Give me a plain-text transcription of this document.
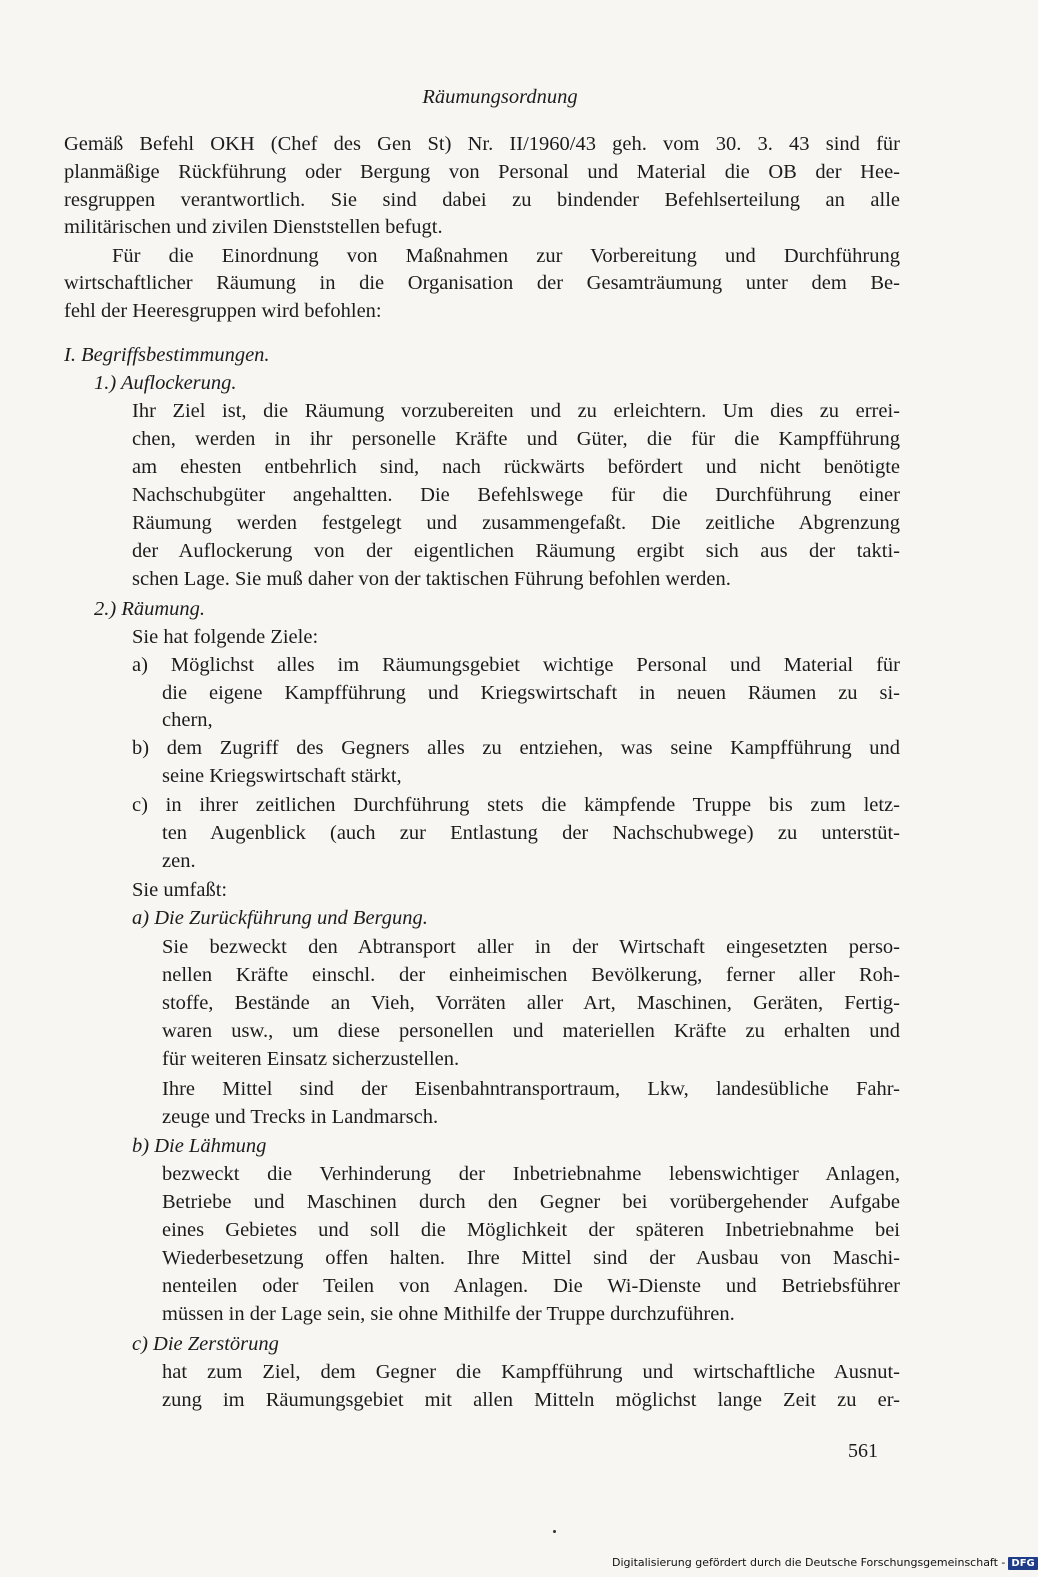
Räumungsordnung
Gemäß Befehl OKH (Chef des Gen St) Nr. II/1960/43 geh. vom 30. 3. 43 sind für
planmäßige Rückführung oder Bergung von Personal und Material die OB der Hee-
resgruppen verantwortlich. Sie sind dabei zu bindender Befehlserteilung an alle
militärischen und zivilen Dienststellen befugt.
Für die Einordnung von Maßnahmen zur Vorbereitung und Durchführung
wirtschaftlicher Räumung in die Organisation der Gesamträumung unter dem Be-
fehl der Heeresgruppen wird befohlen:
I. Begriffsbestimmungen.
1.) Auflockerung.
Ihr Ziel ist, die Räumung vorzubereiten und zu erleichtern. Um dies zu errei-
chen, werden in ihr personelle Kräfte und Güter, die für die Kampfführung
am ehesten entbehrlich sind, nach rückwärts befördert und nicht benötigte
Nachschubgüter angehaltten. Die Befehlswege für die Durchführung einer
Räumung werden festgelegt und zusammengefaßt. Die zeitliche Abgrenzung
der Auflockerung von der eigentlichen Räumung ergibt sich aus der takti-
schen Lage. Sie muß daher von der taktischen Führung befohlen werden.
2.) Räumung.
Sie hat folgende Ziele:
a) Möglichst alles im Räumungsgebiet wichtige Personal und Material für
die eigene Kampfführung und Kriegswirtschaft in neuen Räumen zu si-
chern,
b) dem Zugriff des Gegners alles zu entziehen, was seine Kampfführung und
seine Kriegswirtschaft stärkt,
c) in ihrer zeitlichen Durchführung stets die kämpfende Truppe bis zum letz-
ten Augenblick (auch zur Entlastung der Nachschubwege) zu unterstüt-
zen.
Sie umfaßt:
a) Die Zurückführung und Bergung.
Sie bezweckt den Abtransport aller in der Wirtschaft eingesetzten perso-
nellen Kräfte einschl. der einheimischen Bevölkerung, ferner aller Roh-
stoffe, Bestände an Vieh, Vorräten aller Art, Maschinen, Geräten, Fertig-
waren usw., um diese personellen und materiellen Kräfte zu erhalten und
für weiteren Einsatz sicherzustellen.
Ihre Mittel sind der Eisenbahntransportraum, Lkw, landesübliche Fahr-
zeuge und Trecks in Landmarsch.
b) Die Lähmung
bezweckt die Verhinderung der Inbetriebnahme lebenswichtiger Anlagen,
Betriebe und Maschinen durch den Gegner bei vorübergehender Aufgabe
eines Gebietes und soll die Möglichkeit der späteren Inbetriebnahme bei
Wiederbesetzung offen halten. Ihre Mittel sind der Ausbau von Maschi-
nenteilen oder Teilen von Anlagen. Die Wi-Dienste und Betriebsführer
müssen in der Lage sein, sie ohne Mithilfe der Truppe durchzuführen.
c) Die Zerstörung
hat zum Ziel, dem Gegner die Kampfführung und wirtschaftliche Ausnut-
zung im Räumungsgebiet mit allen Mitteln möglichst lange Zeit zu er-
561
Digitalisierung gefördert durch die Deutsche Forschungsgemeinschaft - DFG
